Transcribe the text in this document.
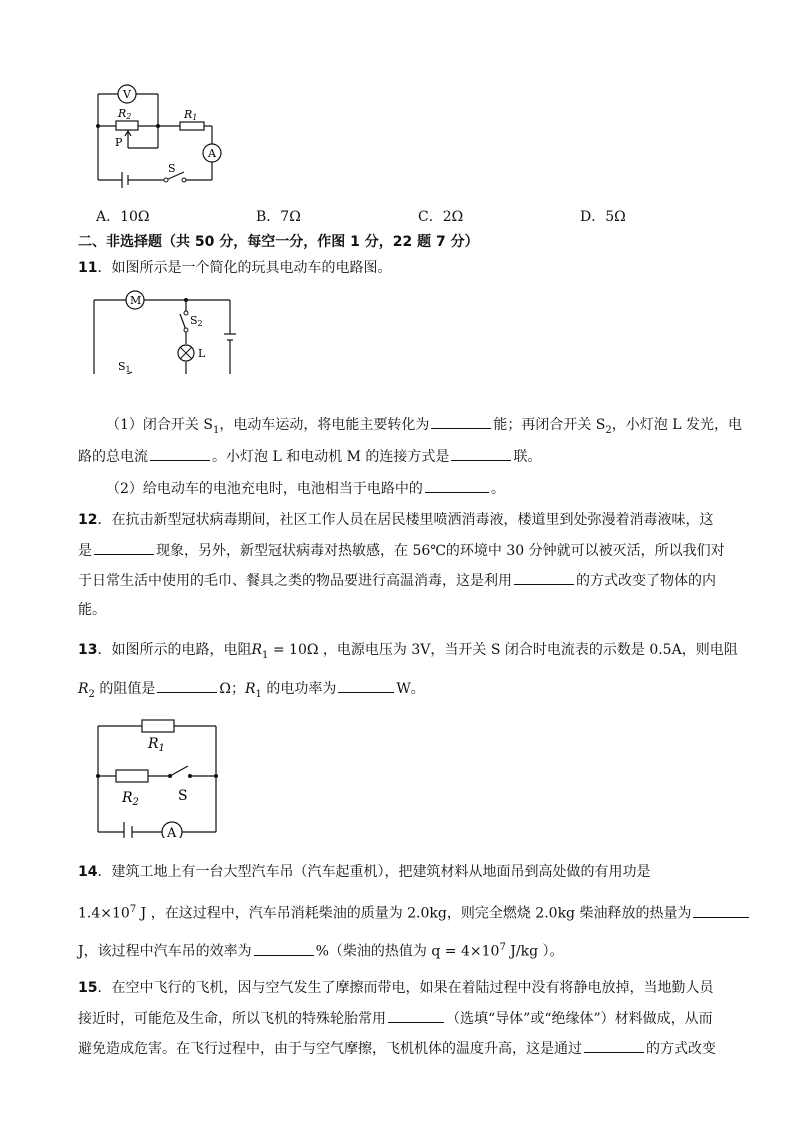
V
A
R2	R1
P
S
A．10Ω	B．7Ω	C．2Ω	D．5Ω
二、非选择题（共 50 分，每空一分，作图 1 分，22 题 7 分）
11．如图所示是一个简化的玩具电动车的电路图。
M
L
S2
S1
（1）闭合开关 $S_1$，电动车运动，将电能主要转化为	能；再闭合开关 $S_2$，小灯泡 L 发光，电
路的总电流	。小灯泡 L 和电动机 M 的连接方式是	联。
（2）给电动车的电池充电时，电池相当于电路中的	。
12．在抗击新型冠状病毒期间，社区工作人员在居民楼里喷洒消毒液，楼道里到处弥漫着消毒液味，这
是	现象，另外，新型冠状病毒对热敏感，在 56℃的环境中 30 分钟就可以被灭活，所以我们对
于日常生活中使用的毛巾、餐具之类的物品要进行高温消毒，这是利用	的方式改变了物体的内
能。
13．如图所示的电路，电阻$R_1 = 10\Omega$ ，电源电压为 3V，当开关 S 闭合时电流表的示数是 0.5A，则电阻
$R_2$ 的阻值是	Ω；$R_1$ 的电功率为	W。
A
$R_1$
$R_2$	S
14．建筑工地上有一台大型汽车吊（汽车起重机），把建筑材料从地面吊到高处做的有用功是
$1.4\times 10^7$ J ，在这过程中，汽车吊消耗柴油的质量为 2.0kg，则完全燃烧 2.0kg 柴油释放的热量为
J，该过程中汽车吊的效率为	%（柴油的热值为 $q = 4\times 10^7$ J/kg ）。
15．在空中飞行的飞机，因与空气发生了摩擦而带电，如果在着陆过程中没有将静电放掉，当地勤人员
接近时，可能危及生命，所以飞机的特殊轮胎常用	（选填“导体”或“绝缘体”）材料做成，从而
避免造成危害。在飞行过程中，由于与空气摩擦，飞机机体的温度升高，这是通过	的方式改变
